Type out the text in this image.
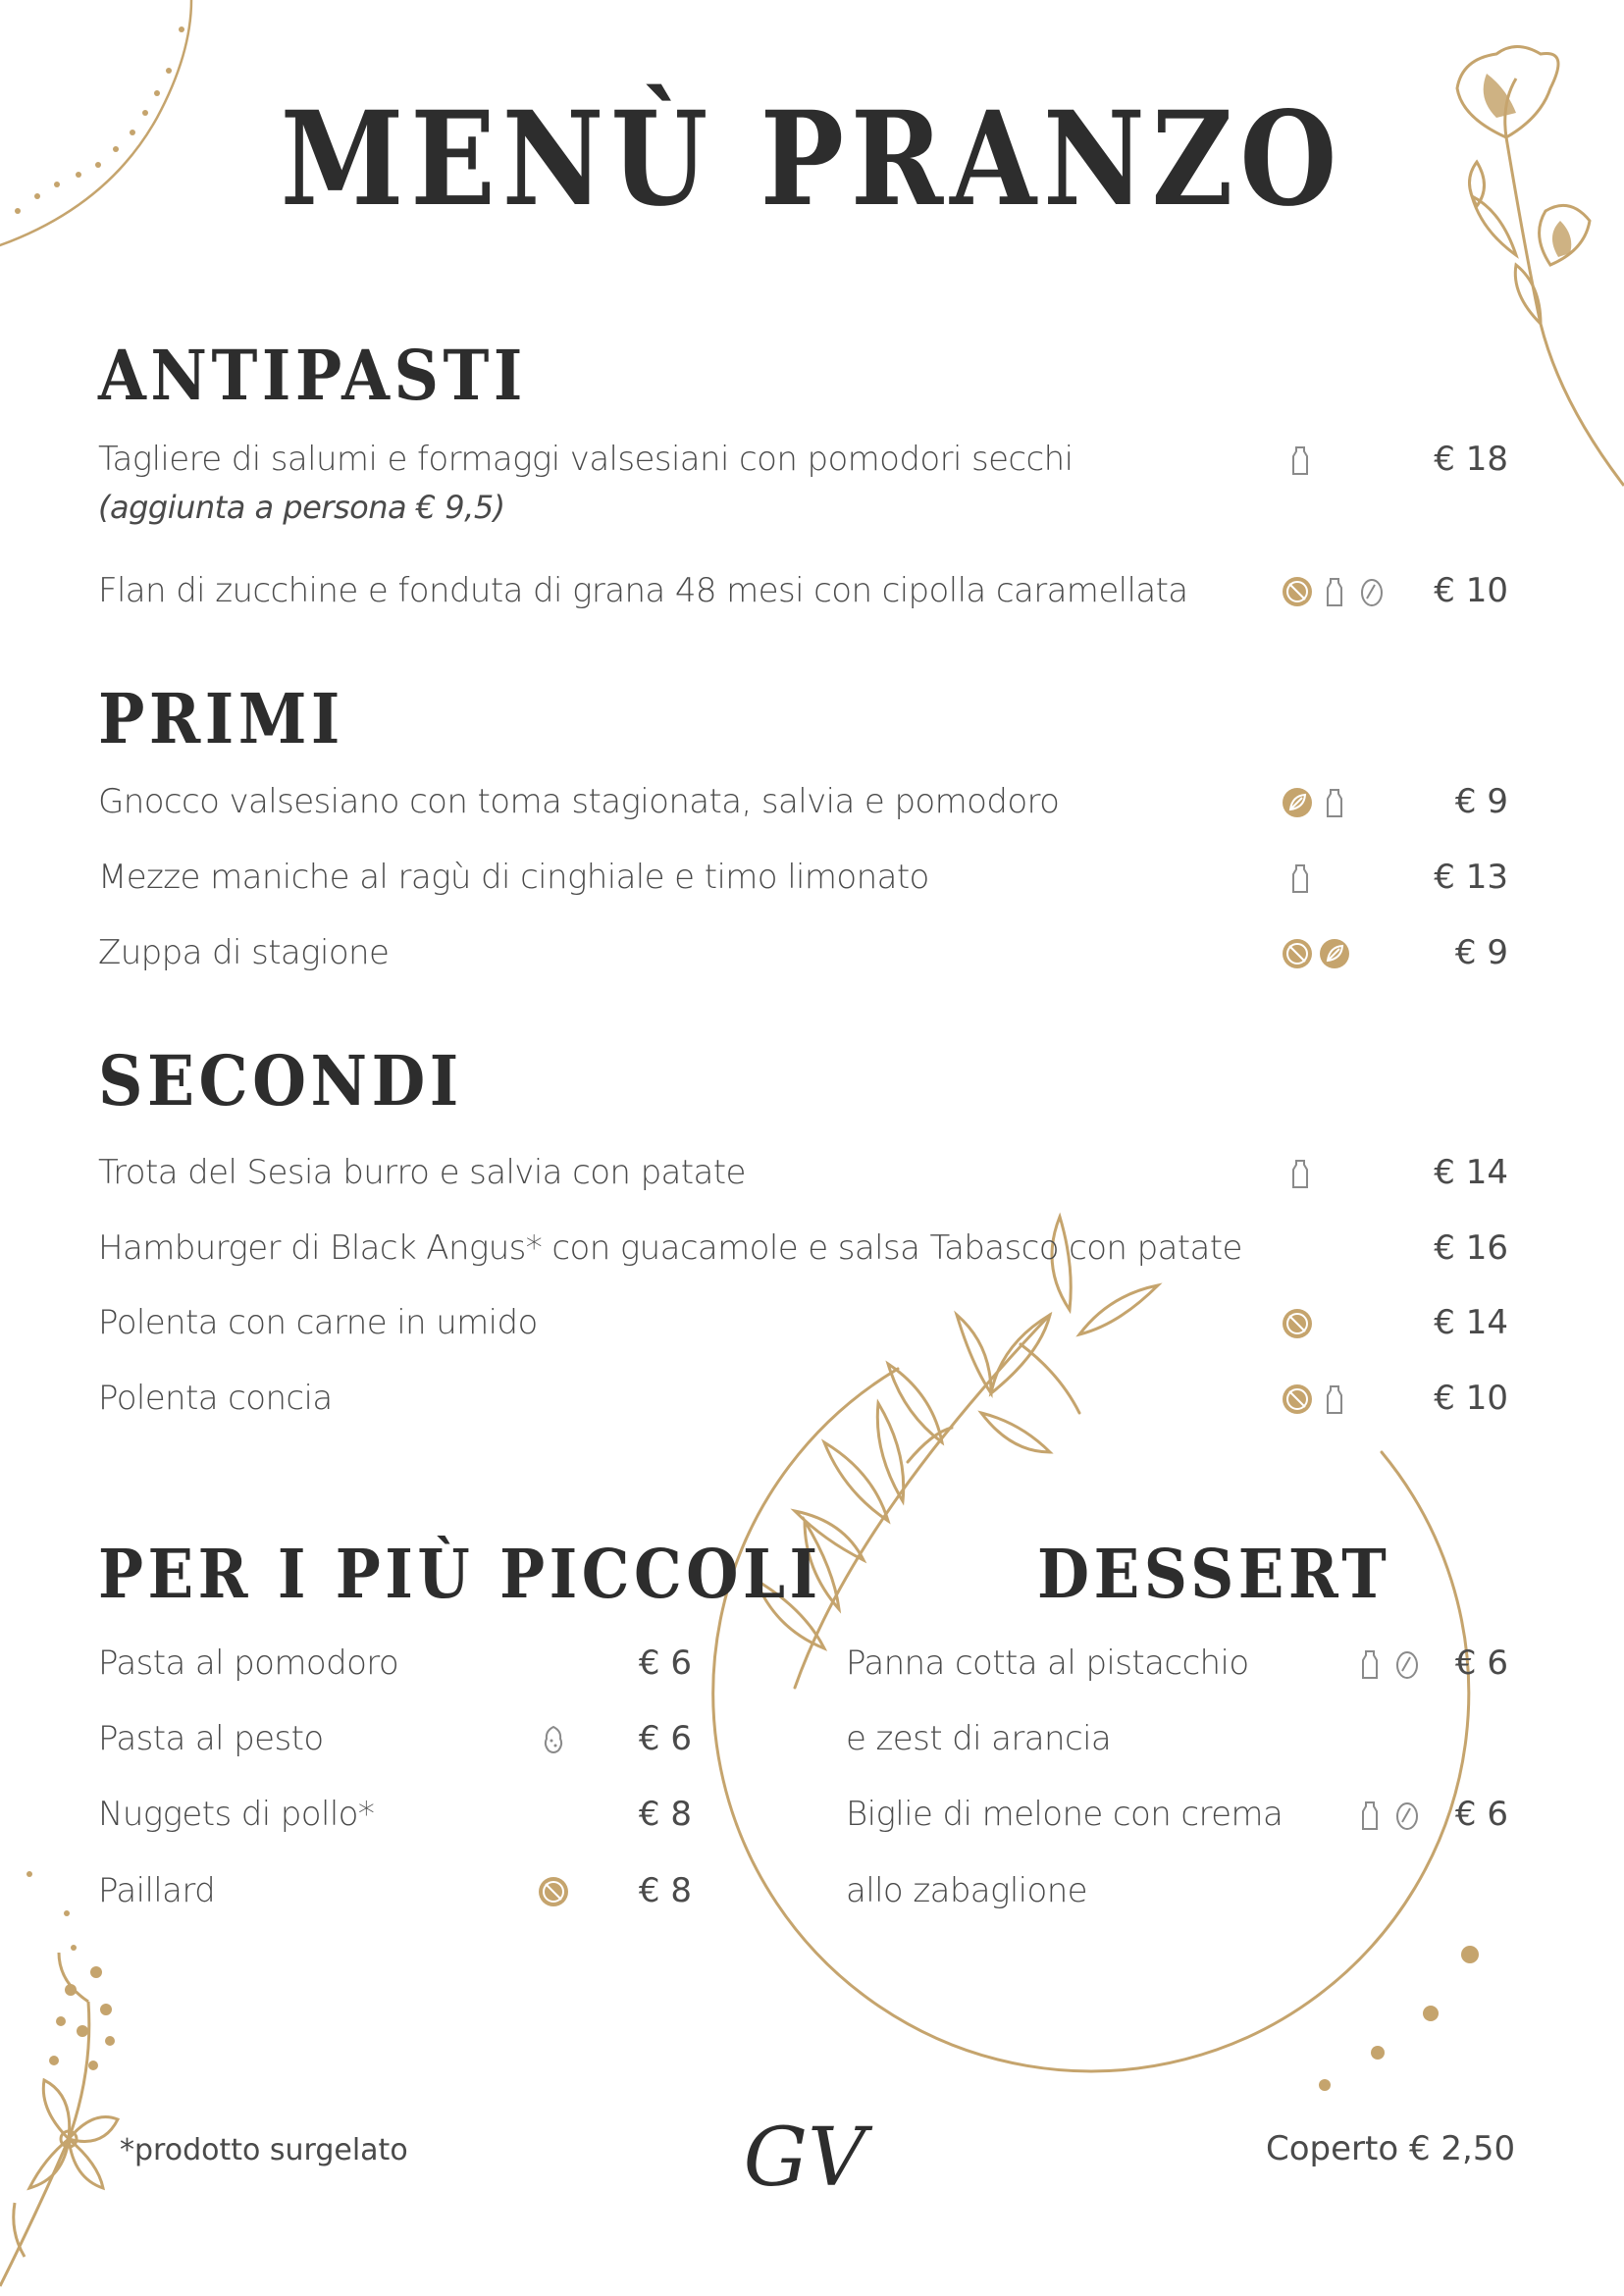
MENÙ PRANZO
ANTIPASTI
Tagliere di salumi e formaggi valsesiani con pomodori secchi
(aggiunta a persona € 9,5)
€ 18
Flan di zucchine e fonduta di grana 48 mesi con cipolla caramellata	€ 10
PRIMI
Gnocco valsesiano con toma stagionata, salvia e pomodoro	€ 9
Mezze maniche al ragù di cinghiale e timo limonato	€ 13
Zuppa di stagione	€ 9
SECONDI
Trota del Sesia burro e salvia con patate	€ 14
Hamburger di Black Angus* con guacamole e salsa Tabasco con patate	€ 16
Polenta con carne in umido	€ 14
Polenta concia	€ 10
PER I PIÙ PICCOLI
Pasta al pomodoro	€ 6
Pasta al pesto	€ 6
Nuggets di pollo*	€ 8
Paillard	€ 8
DESSERT
Panna cotta al pistacchio
e zest di arancia
€ 6
Biglie di melone con crema
allo zabaglione
€ 6
*prodotto surgelato	GV	Coperto € 2,50
